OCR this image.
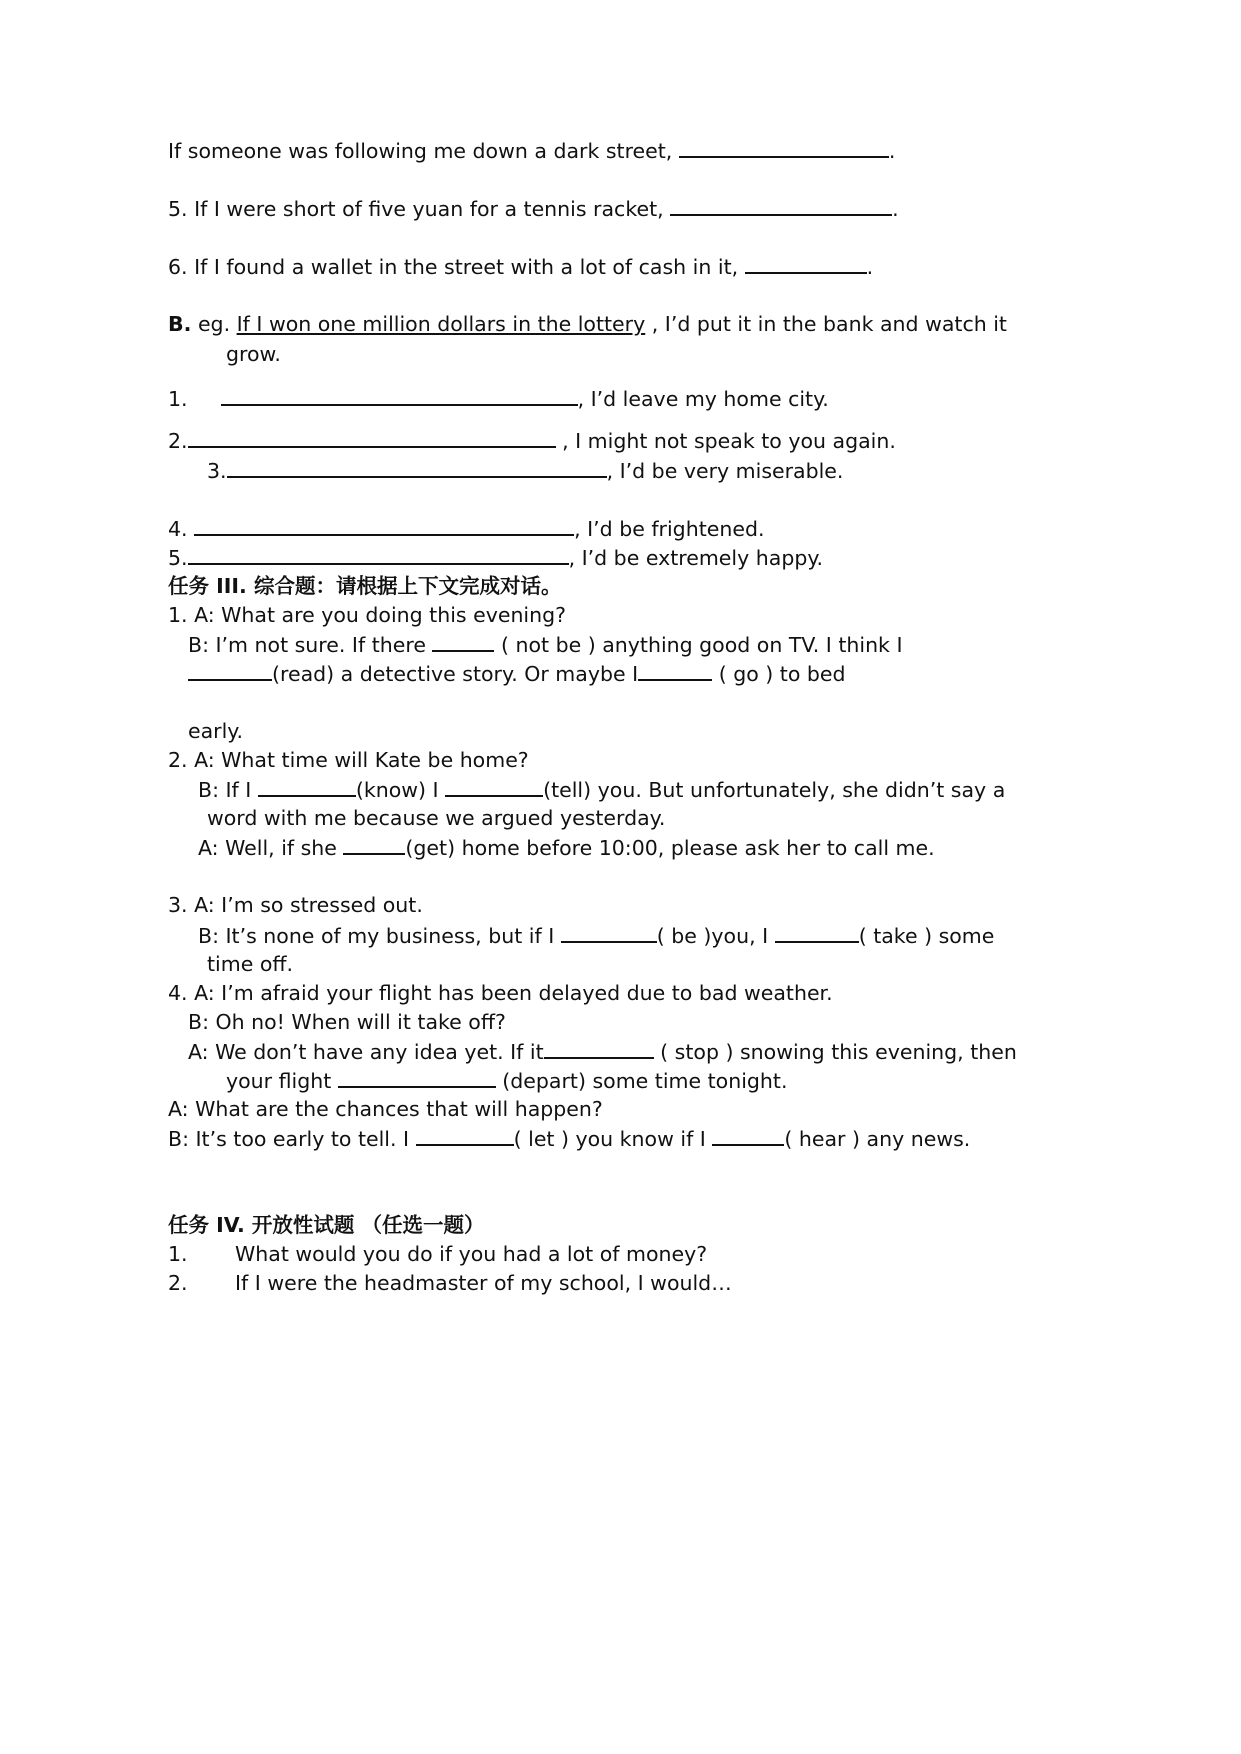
If someone was following me down a dark street,	.
5. If I were short of five yuan for a tennis racket,	.
6. If I found a wallet in the street with a lot of cash in it,	.
B. eg. If I won one million dollars in the lottery , I’d put it in the bank and watch it
grow.
1.	, I’d leave my home city.
2.	, I might not speak to you again.
3.	, I’d be very miserable.
4.	, I’d be frightened.
5.	, I’d be extremely happy.
任务 III. 综合题：请根据上下文完成对话。
1. A: What are you doing this evening?
B: I’m not sure. If there	( not be ) anything good on TV. I think I
(read) a detective story. Or maybe I	( go ) to bed
early.
2. A: What time will Kate be home?
B: If I	(know) I	(tell) you. But unfortunately, she didn’t say a
word with me because we argued yesterday.
A: Well, if she	(get) home before 10:00, please ask her to call me.
3. A: I’m so stressed out.
B: It’s none of my business, but if I	( be )you, I	( take ) some
time off.
4. A: I’m afraid your flight has been delayed due to bad weather.
B: Oh no! When will it take off?
A: We don’t have any idea yet. If it	( stop ) snowing this evening, then
your flight	(depart) some time tonight.
A: What are the chances that will happen?
B: It’s too early to tell. I	( let ) you know if I	( hear ) any news.
任务 IV. 开放性试题 （任选一题）
1. What would you do if you had a lot of money?
2. If I were the headmaster of my school, I would…
